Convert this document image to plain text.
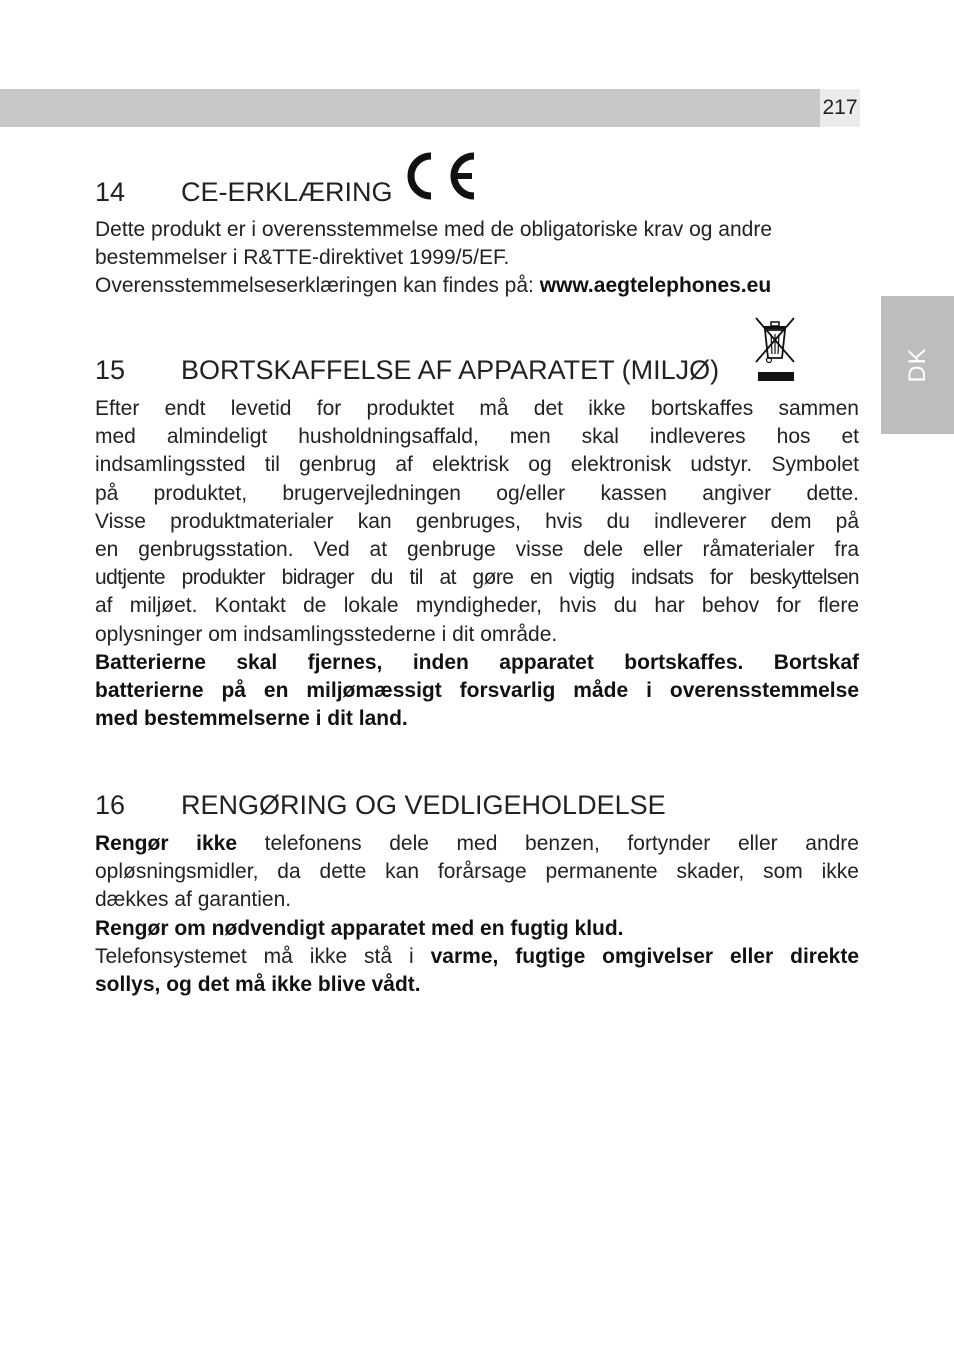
217
DK
14 CE-ERKLÆRING
Dette produkt er i overensstemmelse med de obligatoriske krav og andre
bestemmelser i R&TTE-direktivet 1999/5/EF.
Overensstemmelseserklæringen kan findes på: www.aegtelephones.eu
15 BORTSKAFFELSE AF APPARATET (MILJØ)
Efter endt levetid for produktet må det ikke bortskaffes sammen
med almindeligt husholdningsaffald, men skal indleveres hos et
indsamlingssted til genbrug af elektrisk og elektronisk udstyr. Symbolet
på produktet, brugervejledningen og/eller kassen angiver dette.
Visse produktmaterialer kan genbruges, hvis du indleverer dem på
en genbrugsstation. Ved at genbruge visse dele eller råmaterialer fra
udtjente produkter bidrager du til at gøre en vigtig indsats for beskyttelsen
af miljøet. Kontakt de lokale myndigheder, hvis du har behov for flere
oplysninger om indsamlingsstederne i dit område.
Batterierne skal fjernes, inden apparatet bortskaffes. Bortskaf
batterierne på en miljømæssigt forsvarlig måde i overensstemmelse
med bestemmelserne i dit land.
16 RENGØRING OG VEDLIGEHOLDELSE
Rengør ikke telefonens dele med benzen, fortynder eller andre
opløsningsmidler, da dette kan forårsage permanente skader, som ikke
dækkes af garantien.
Rengør om nødvendigt apparatet med en fugtig klud.
Telefonsystemet må ikke stå i varme, fugtige omgivelser eller direkte
sollys, og det må ikke blive vådt.
